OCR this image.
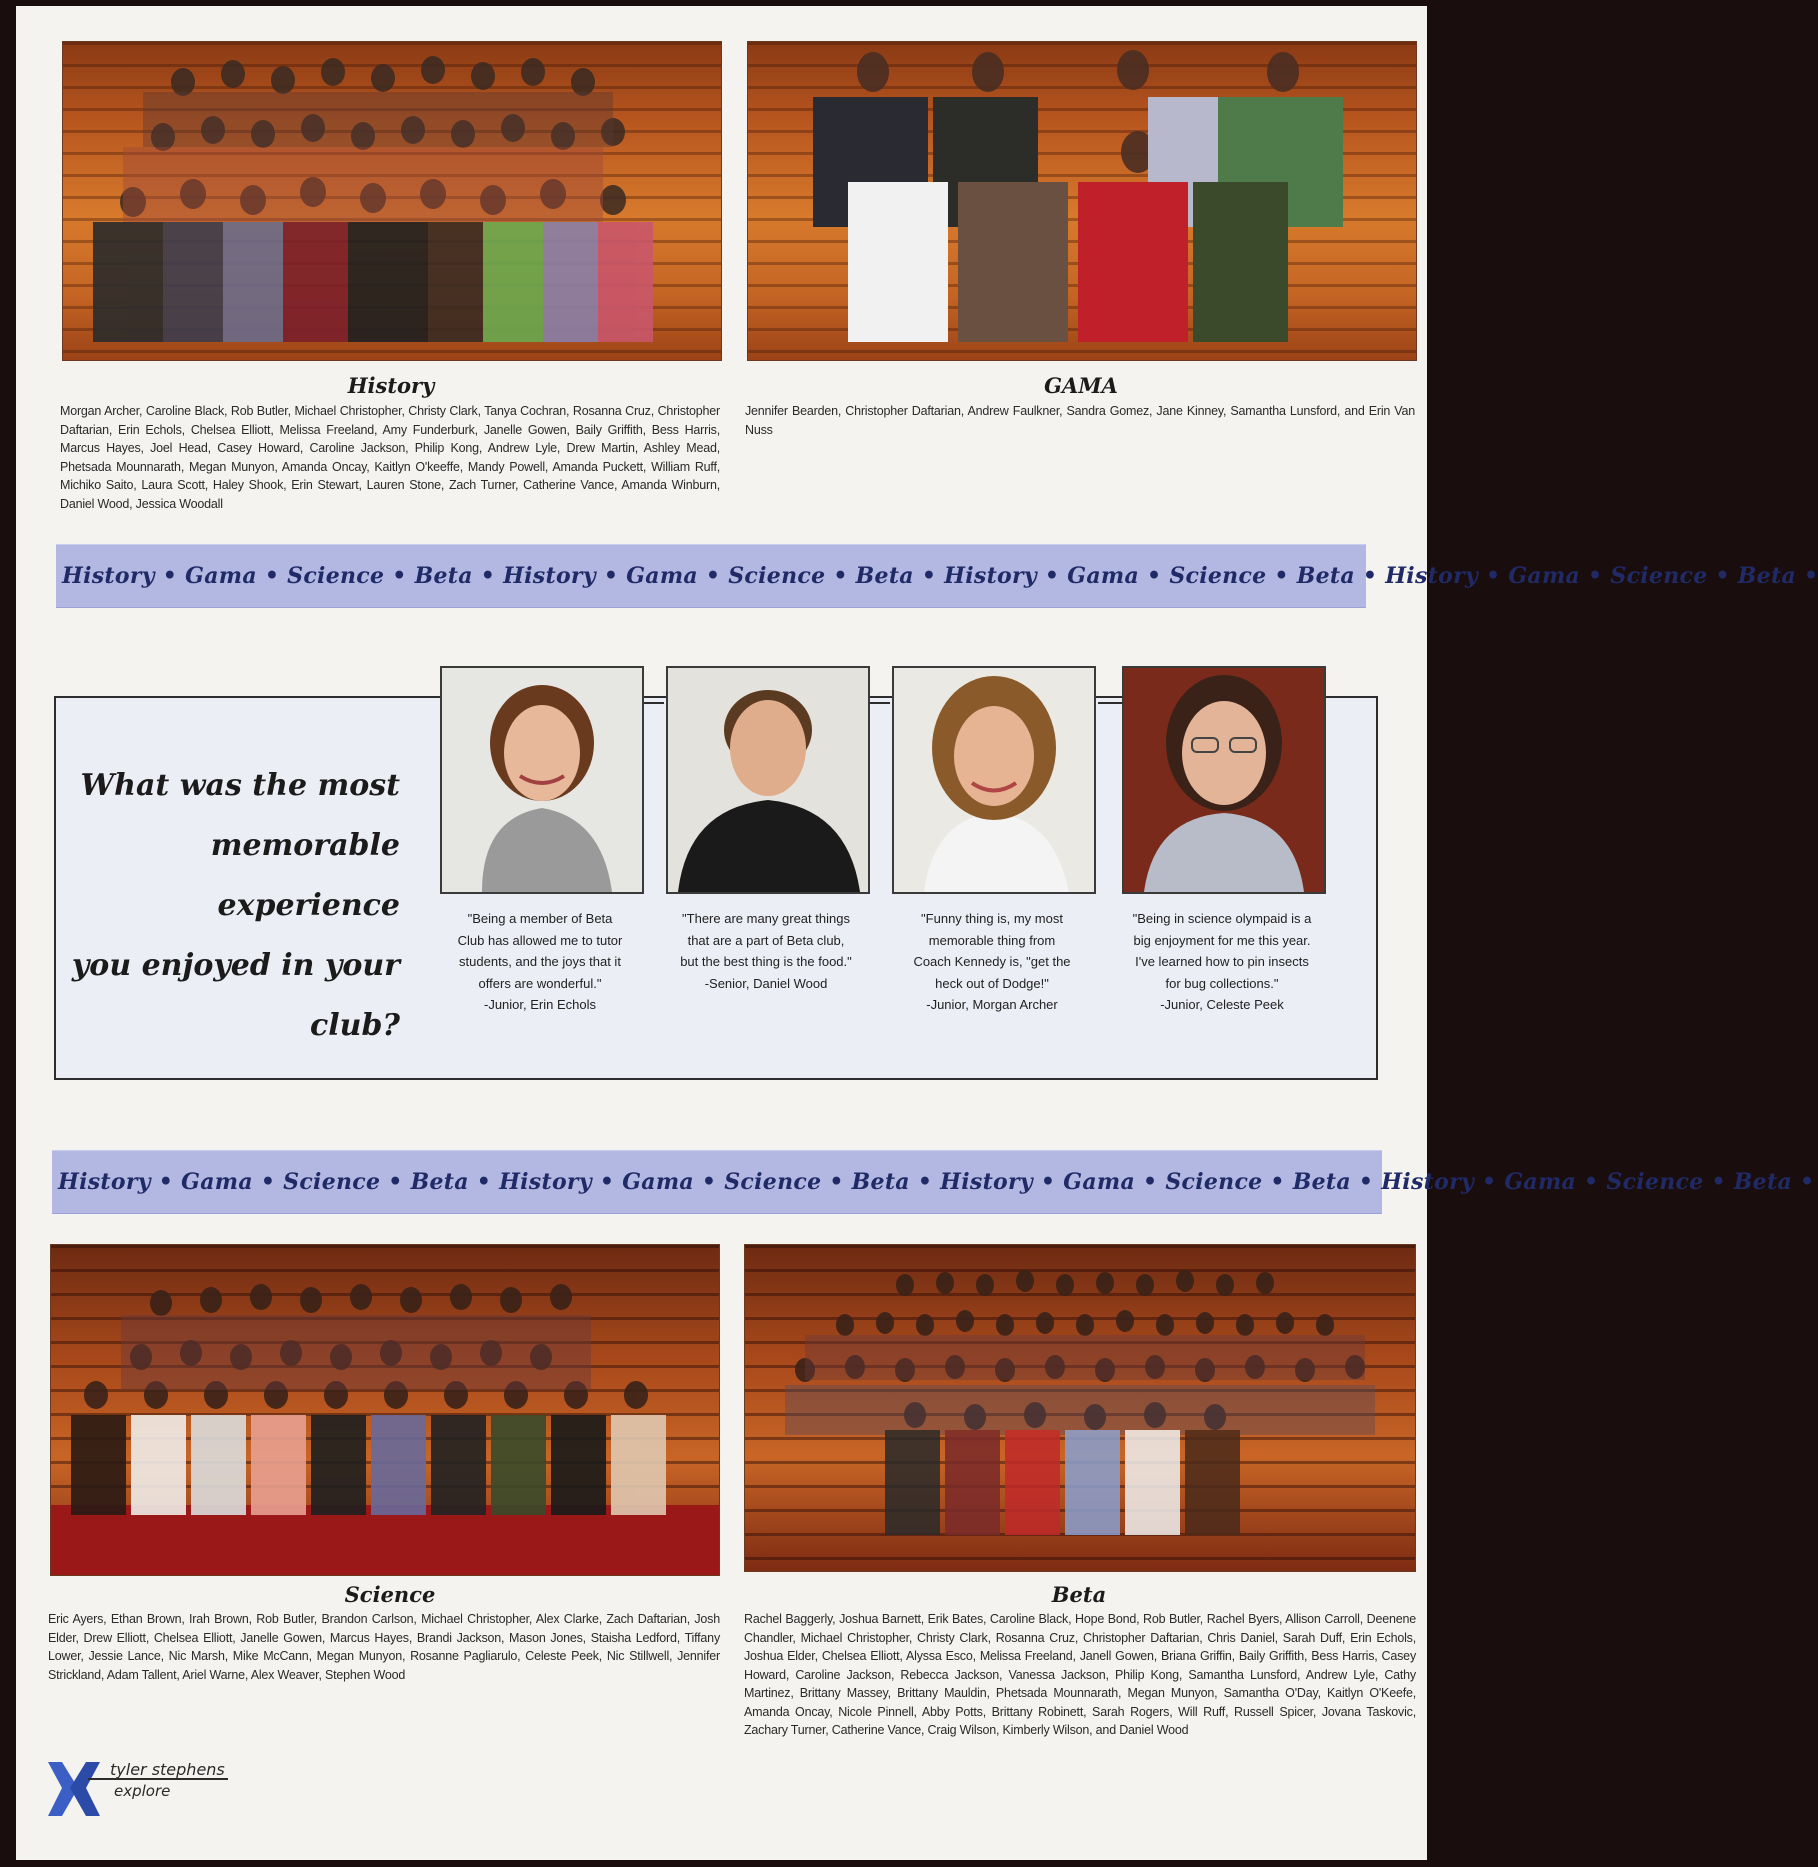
History
Morgan Archer, Caroline Black, Rob Butler, Michael Christopher, Christy Clark, Tanya Cochran, Rosanna Cruz, Christopher Daftarian, Erin Echols, Chelsea Elliott, Melissa Freeland, Amy Funderburk, Janelle Gowen, Baily Griffith, Bess Harris, Marcus Hayes, Joel Head, Casey Howard, Caroline Jackson, Philip Kong, Andrew Lyle, Drew Martin, Ashley Mead, Phetsada Mounnarath, Megan Munyon, Amanda Oncay, Kaitlyn O'keeffe, Mandy Powell, Amanda Puckett, William Ruff, Michiko Saito, Laura Scott, Haley Shook, Erin Stewart, Lauren Stone, Zach Turner, Catherine Vance, Amanda Winburn, Daniel Wood, Jessica Woodall
GAMA
Jennifer Bearden, Christopher Daftarian, Andrew Faulkner, Sandra Gomez, Jane Kinney, Samantha Lunsford, and Erin Van Nuss
History • Gama • Science • Beta • History • Gama • Science • Beta • History • Gama • Science • Beta • History • Gama • Science • Beta •
What was the most
memorable experience
you enjoyed in your
club?
"Being a member of Beta
Club has allowed me to tutor
students, and the joys that it
offers are wonderful."
-Junior, Erin Echols
"There are many great things
that are a part of Beta club,
but the best thing is the food."
-Senior, Daniel Wood
"Funny thing is, my most
memorable thing from
Coach Kennedy is, "get the
heck out of Dodge!"
-Junior, Morgan Archer
"Being in science olympaid is a
big enjoyment for me this year.
I've learned how to pin insects
for bug collections."
-Junior, Celeste Peek
History • Gama • Science • Beta • History • Gama • Science • Beta • History • Gama • Science • Beta • History • Gama • Science • Beta •
Science
Eric Ayers, Ethan Brown, Irah Brown, Rob Butler, Brandon Carlson, Michael Christopher, Alex Clarke, Zach Daftarian, Josh Elder, Drew Elliott, Chelsea Elliott, Janelle Gowen, Marcus Hayes, Brandi Jackson, Mason Jones, Staisha Ledford, Tiffany Lower, Jessie Lance, Nic Marsh, Mike McCann, Megan Munyon, Rosanne Pagliarulo, Celeste Peek, Nic Stillwell, Jennifer Strickland, Adam Tallent, Ariel Warne, Alex Weaver, Stephen Wood
Beta
Rachel Baggerly, Joshua Barnett, Erik Bates, Caroline Black, Hope Bond, Rob Butler, Rachel Byers, Allison Carroll, Deenene Chandler, Michael Christopher, Christy Clark, Rosanna Cruz, Christopher Daftarian, Chris Daniel, Sarah Duff, Erin Echols, Joshua Elder, Chelsea Elliott, Alyssa Esco, Melissa Freeland, Janell Gowen, Briana Griffin, Baily Griffith, Bess Harris, Casey Howard, Caroline Jackson, Rebecca Jackson, Vanessa Jackson, Philip Kong, Samantha Lunsford, Andrew Lyle, Cathy Martinez, Brittany Massey, Brittany Mauldin, Phetsada Mounnarath, Megan Munyon, Samantha O'Day, Kaitlyn O'Keefe, Amanda Oncay, Nicole Pinnell, Abby Potts, Brittany Robinett, Sarah Rogers, Will Ruff, Russell Spicer, Jovana Taskovic, Zachary Turner, Catherine Vance, Craig Wilson, Kimberly Wilson, and Daniel Wood
tyler stephens
explore
